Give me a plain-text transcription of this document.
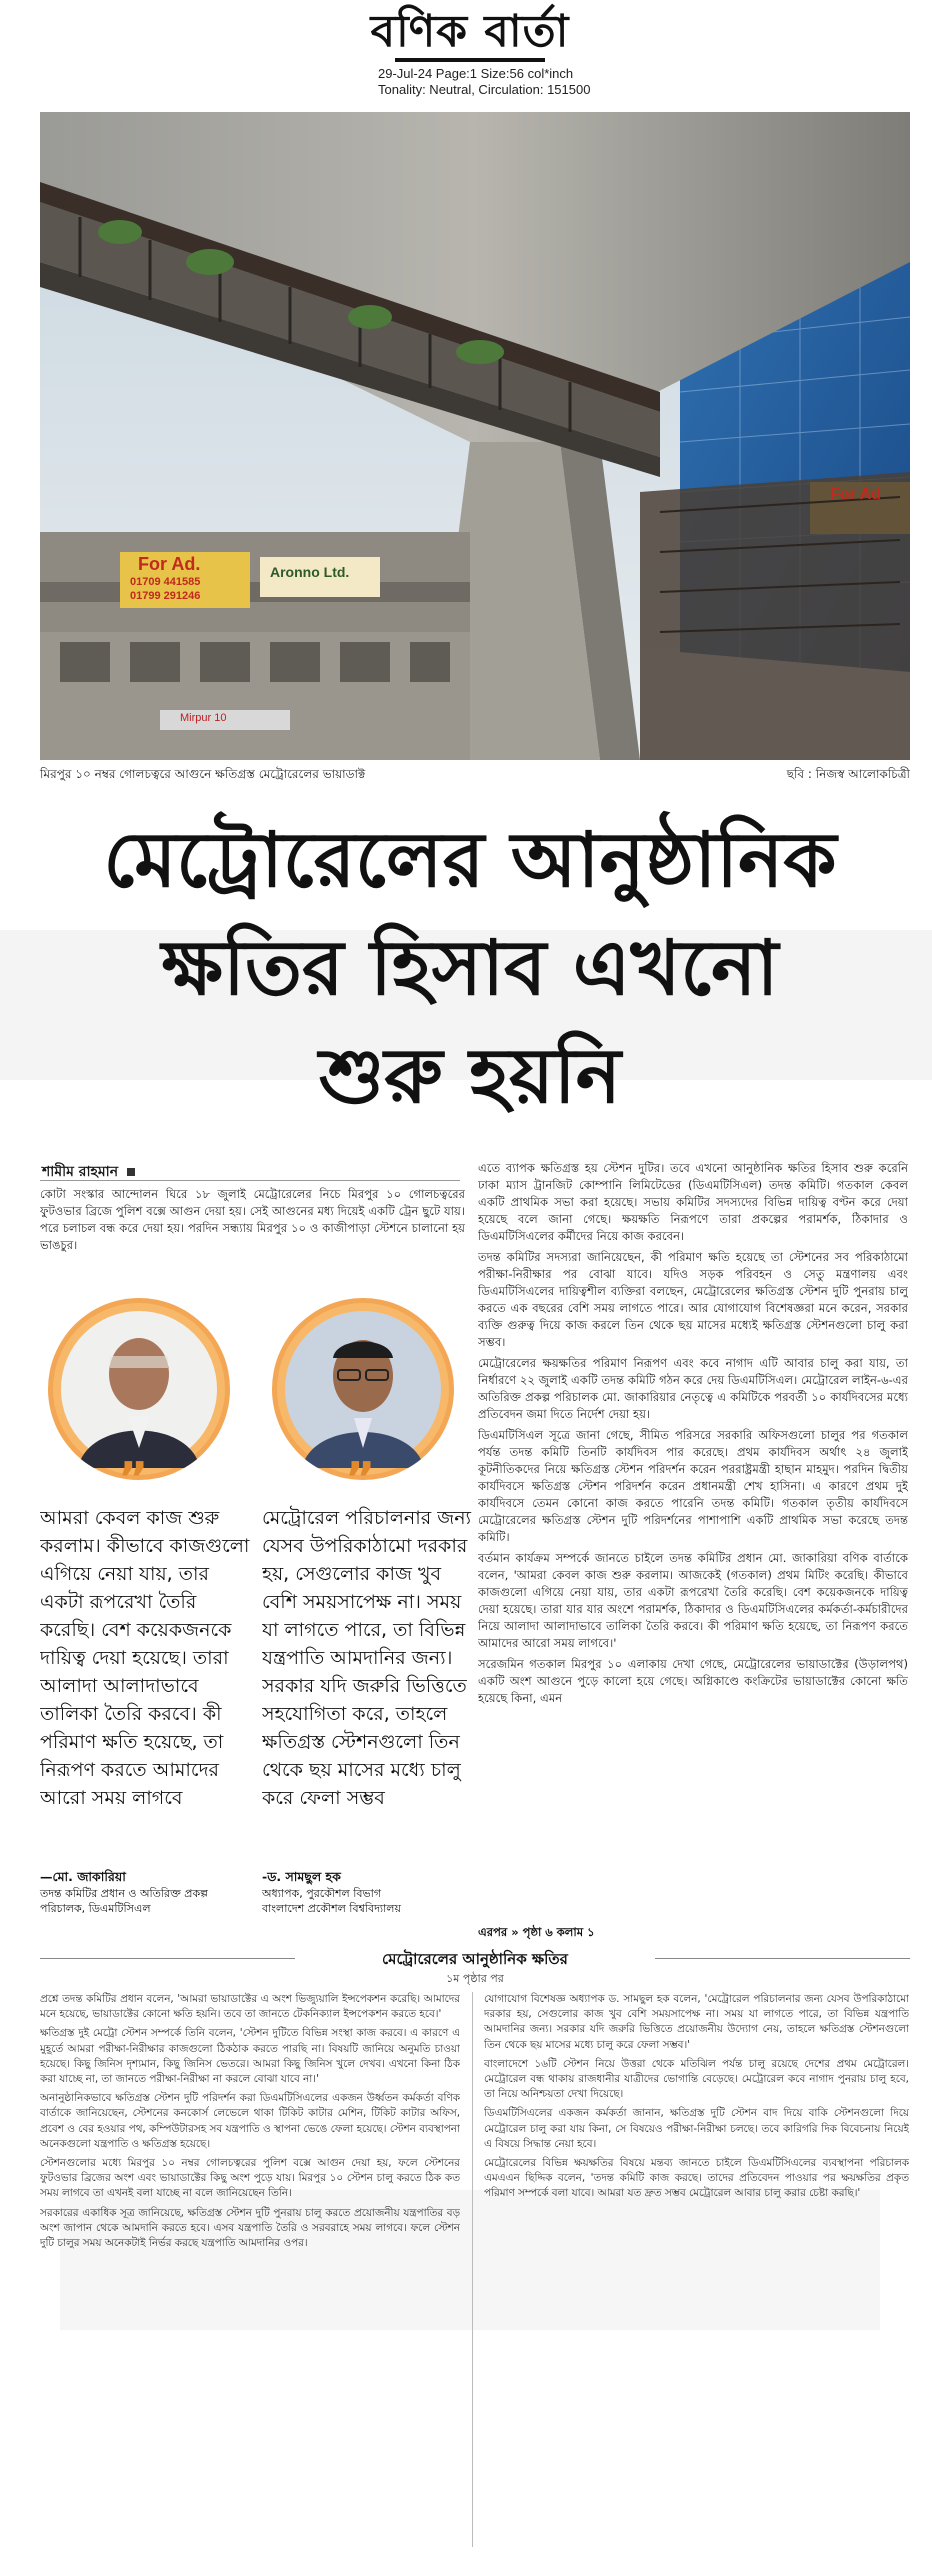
বণিক বার্তা
29-Jul-24 Page:1 Size:56 col*inch
Tonality: Neutral, Circulation: 151500
For Ad.
01709 441585
01799 291246
Aronno Ltd.
Mirpur 10
For Ad
মিরপুর ১০ নম্বর গোলচত্বরে আগুনে ক্ষতিগ্রস্ত মেট্রোরেলের ভায়াডাক্ট	ছবি : নিজস্ব আলোকচিত্রী
মেট্রোরেলের আনুষ্ঠানিক
ক্ষতির হিসাব এখনো
শুরু হয়নি
শামীম রাহমান
কোটা সংস্কার আন্দোলন ঘিরে ১৮ জুলাই মেট্রোরেলের নিচে মিরপুর ১০ গোলচত্বরের ফুটওভার ব্রিজে পুলিশ বক্সে আগুন দেয়া হয়। সেই আগুনের মধ্য দিয়েই একটি ট্রেন ছুটে যায়। পরে চলাচল বন্ধ করে দেয়া হয়। পরদিন সন্ধ্যায় মিরপুর ১০ ও কাজীপাড়া স্টেশনে চালানো হয় ভাঙচুর।
”	”
আমরা কেবল কাজ শুরু করলাম। কীভাবে কাজগুলো এগিয়ে নেয়া যায়, তার একটা রূপরেখা তৈরি করেছি। বেশ কয়েকজনকে দায়িত্ব দেয়া হয়েছে। তারা আলাদা আলাদাভাবে তালিকা তৈরি করবে। কী পরিমাণ ক্ষতি হয়েছে, তা নিরূপণ করতে আমাদের আরো সময় লাগবে
মেট্রোরেল পরিচালনার জন্য যেসব উপরিকাঠামো দরকার হয়, সেগুলোর কাজ খুব বেশি সময়সাপেক্ষ না। সময় যা লাগতে পারে, তা বিভিন্ন যন্ত্রপাতি আমদানির জন্য। সরকার যদি জরুরি ভিত্তিতে সহযোগিতা করে, তাহলে ক্ষতিগ্রস্ত স্টেশনগুলো তিন থেকে ছয় মাসের মধ্যে চালু করে ফেলা সম্ভব
—মো. জাকারিয়া
তদন্ত কমিটির প্রধান ও অতিরিক্ত প্রকল্প পরিচালক, ডিএমটিসিএল
-ড. সামছুল হক
অধ্যাপক, পুরকৌশল বিভাগ
বাংলাদেশ প্রকৌশল বিশ্ববিদ্যালয়

এতে ব্যাপক ক্ষতিগ্রস্ত হয় স্টেশন দুটির। তবে এখনো আনুষ্ঠানিক ক্ষতির হিসাব শুরু করেনি ঢাকা ম্যাস ট্রানজিট কোম্পানি লিমিটেডের (ডিএমটিসিএল) তদন্ত কমিটি। গতকাল কেবল একটি প্রাথমিক সভা করা হয়েছে। সভায় কমিটির সদস্যদের বিভিন্ন দায়িত্ব বণ্টন করে দেয়া হয়েছে বলে জানা গেছে। ক্ষয়ক্ষতি নিরূপণে তারা প্রকল্পের পরামর্শক, ঠিকাদার ও ডিএমটিসিএলের কর্মীদের নিয়ে কাজ করবেন।

তদন্ত কমিটির সদস্যরা জানিয়েছেন, কী পরিমাণ ক্ষতি হয়েছে তা স্টেশনের সব পরিকাঠামো পরীক্ষা-নিরীক্ষার পর বোঝা যাবে। যদিও সড়ক পরিবহন ও সেতু মন্ত্রণালয় এবং ডিএমটিসিএলের দায়িত্বশীল ব্যক্তিরা বলছেন, মেট্রোরেলের ক্ষতিগ্রস্ত স্টেশন দুটি পুনরায় চালু করতে এক বছরের বেশি সময় লাগতে পারে। আর যোগাযোগ বিশেষজ্ঞরা মনে করেন, সরকার ব্যক্তি গুরুত্ব দিয়ে কাজ করলে তিন থেকে ছয় মাসের মধ্যেই ক্ষতিগ্রস্ত স্টেশনগুলো চালু করা সম্ভব।

মেট্রোরেলের ক্ষয়ক্ষতির পরিমাণ নিরূপণ এবং কবে নাগাদ এটি আবার চালু করা যায়, তা নির্ধারণে ২২ জুলাই একটি তদন্ত কমিটি গঠন করে দেয় ডিএমটিসিএল। মেট্রোরেল লাইন-৬-এর অতিরিক্ত প্রকল্প পরিচালক মো. জাকারিয়ার নেতৃত্বে এ কমিটিকে পরবর্তী ১০ কার্যদিবসের মধ্যে প্রতিবেদন জমা দিতে নির্দেশ দেয়া হয়।

ডিএমটিসিএল সূত্রে জানা গেছে, সীমিত পরিসরে সরকারি অফিসগুলো চালুর পর গতকাল পর্যন্ত তদন্ত কমিটি তিনটি কার্যদিবস পার করেছে। প্রথম কার্যদিবস অর্থাৎ ২৪ জুলাই কূটনীতিকদের নিয়ে ক্ষতিগ্রস্ত স্টেশন পরিদর্শন করেন পররাষ্ট্রমন্ত্রী হাছান মাহমুদ। পরদিন দ্বিতীয় কার্যদিবসে ক্ষতিগ্রস্ত স্টেশন পরিদর্শন করেন প্রধানমন্ত্রী শেখ হাসিনা। এ কারণে প্রথম দুই কার্যদিবসে তেমন কোনো কাজ করতে পারেনি তদন্ত কমিটি। গতকাল তৃতীয় কার্যদিবসে মেট্রোরেলের ক্ষতিগ্রস্ত স্টেশন দুটি পরিদর্শনের পাশাপাশি একটি প্রাথমিক সভা করেছে তদন্ত কমিটি।

বর্তমান কার্যক্রম সম্পর্কে জানতে চাইলে তদন্ত কমিটির প্রধান মো. জাকারিয়া বণিক বার্তাকে বলেন, 'আমরা কেবল কাজ শুরু করলাম। আজকেই (গতকাল) প্রথম মিটিং করেছি। কীভাবে কাজগুলো এগিয়ে নেয়া যায়, তার একটা রূপরেখা তৈরি করেছি। বেশ কয়েকজনকে দায়িত্ব দেয়া হয়েছে। তারা যার যার অংশে পরামর্শক, ঠিকাদার ও ডিএমটিসিএলের কর্মকর্তা-কর্মচারীদের নিয়ে আলাদা আলাদাভাবে তালিকা তৈরি করবে। কী পরিমাণ ক্ষতি হয়েছে, তা নিরূপণ করতে আমাদের আরো সময় লাগবে।'

সরেজমিন গতকাল মিরপুর ১০ এলাকায় দেখা গেছে, মেট্রোরেলের ভায়াডাক্টের (উড়ালপথ) একটি অংশ আগুনে পুড়ে কালো হয়ে গেছে। অগ্নিকাণ্ডে কংক্রিটের ভায়াডাক্টের কোনো ক্ষতি হয়েছে কিনা, এমন

এরপর » পৃষ্ঠা ৬ কলাম ১
মেট্রোরেলের আনুষ্ঠানিক ক্ষতির
১ম পৃষ্ঠার পর

প্রশ্নে তদন্ত কমিটির প্রধান বলেন, 'আমরা ভায়াডাক্টের এ অংশ ভিজ্যুয়ালি ইন্সপেকশন করেছি। আমাদের মনে হয়েছে, ভায়াডাক্টের কোনো ক্ষতি হয়নি। তবে তা জানতে টেকনিক্যাল ইন্সপেকশন করতে হবে।'

ক্ষতিগ্রস্ত দুই মেট্রো স্টেশন সম্পর্কে তিনি বলেন, 'স্টেশন দুটিতে বিভিন্ন সংস্থা কাজ করবে। এ কারণে এ মুহূর্তে আমরা পরীক্ষা-নিরীক্ষার কাজগুলো ঠিকঠাক করতে পারছি না। বিষয়টি জানিয়ে অনুমতি চাওয়া হয়েছে। কিছু জিনিস দৃশ্যমান, কিছু জিনিস ভেতরে। আমরা কিছু জিনিস খুলে দেখব। এখনো কিনা ঠিক করা যাচ্ছে না, তা জানতে পরীক্ষা-নিরীক্ষা না করলে বোঝা যাবে না।'

অনানুষ্ঠানিকভাবে ক্ষতিগ্রস্ত স্টেশন দুটি পরিদর্শন করা ডিএমটিসিএলের একজন উর্ধ্বতন কর্মকর্তা বণিক বার্তাকে জানিয়েছেন, স্টেশনের কনকোর্স লেভেলে থাকা টিকিট কাটার মেশিন, টিকিট কাটার অফিস, প্রবেশ ও বের হওয়ার পথ, কম্পিউটারসহ সব যন্ত্রপাতি ও স্থাপনা ভেঙে ফেলা হয়েছে। স্টেশন ব্যবস্থাপনা অনেকগুলো যন্ত্রপাতি ও ক্ষতিগ্রস্ত হয়েছে।

স্টেশনগুলোর মধ্যে মিরপুর ১০ নম্বর গোলচত্বরের পুলিশ বক্সে আগুন দেয়া হয়, ফলে স্টেশনের ফুটওভার ব্রিজের অংশ এবং ভায়াডাক্টের কিছু অংশ পুড়ে যায়। মিরপুর ১০ স্টেশন চালু করতে ঠিক কত সময় লাগবে তা এখনই বলা যাচ্ছে না বলে জানিয়েছেন তিনি।

সরকারের একাধিক সূত্র জানিয়েছে, ক্ষতিগ্রস্ত স্টেশন দুটি পুনরায় চালু করতে প্রয়োজনীয় যন্ত্রপাতির বড় অংশ জাপান থেকে আমদানি করতে হবে। এসব যন্ত্রপাতি তৈরি ও সরবরাহে সময় লাগবে। ফলে স্টেশন দুটি চালুর সময় অনেকটাই নির্ভর করছে যন্ত্রপাতি আমদানির ওপর।

যোগাযোগ বিশেষজ্ঞ অধ্যাপক ড. সামছুল হক বলেন, 'মেট্রোরেল পরিচালনার জন্য যেসব উপরিকাঠামো দরকার হয়, সেগুলোর কাজ খুব বেশি সময়সাপেক্ষ না। সময় যা লাগতে পারে, তা বিভিন্ন যন্ত্রপাতি আমদানির জন্য। সরকার যদি জরুরি ভিত্তিতে প্রয়োজনীয় উদ্যোগ নেয়, তাহলে ক্ষতিগ্রস্ত স্টেশনগুলো তিন থেকে ছয় মাসের মধ্যে চালু করে ফেলা সম্ভব।'

বাংলাদেশে ১৬টি স্টেশন নিয়ে উত্তরা থেকে মতিঝিল পর্যন্ত চালু রয়েছে দেশের প্রথম মেট্রোরেল। মেট্রোরেল বন্ধ থাকায় রাজধানীর যাত্রীদের ভোগান্তি বেড়েছে। মেট্রোরেল কবে নাগাদ পুনরায় চালু হবে, তা নিয়ে অনিশ্চয়তা দেখা দিয়েছে।

ডিএমটিসিএলের একজন কর্মকর্তা জানান, ক্ষতিগ্রস্ত দুটি স্টেশন বাদ দিয়ে বাকি স্টেশনগুলো দিয়ে মেট্রোরেল চালু করা যায় কিনা, সে বিষয়েও পরীক্ষা-নিরীক্ষা চলছে। তবে কারিগরি দিক বিবেচনায় নিয়েই এ বিষয়ে সিদ্ধান্ত নেয়া হবে।

মেট্রোরেলের বিভিন্ন ক্ষয়ক্ষতির বিষয়ে মন্তব্য জানতে চাইলে ডিএমটিসিএলের ব্যবস্থাপনা পরিচালক এমএএন ছিদ্দিক বলেন, 'তদন্ত কমিটি কাজ করছে। তাদের প্রতিবেদন পাওয়ার পর ক্ষয়ক্ষতির প্রকৃত পরিমাণ সম্পর্কে বলা যাবে। আমরা যত দ্রুত সম্ভব মেট্রোরেল আবার চালু করার চেষ্টা করছি।'
